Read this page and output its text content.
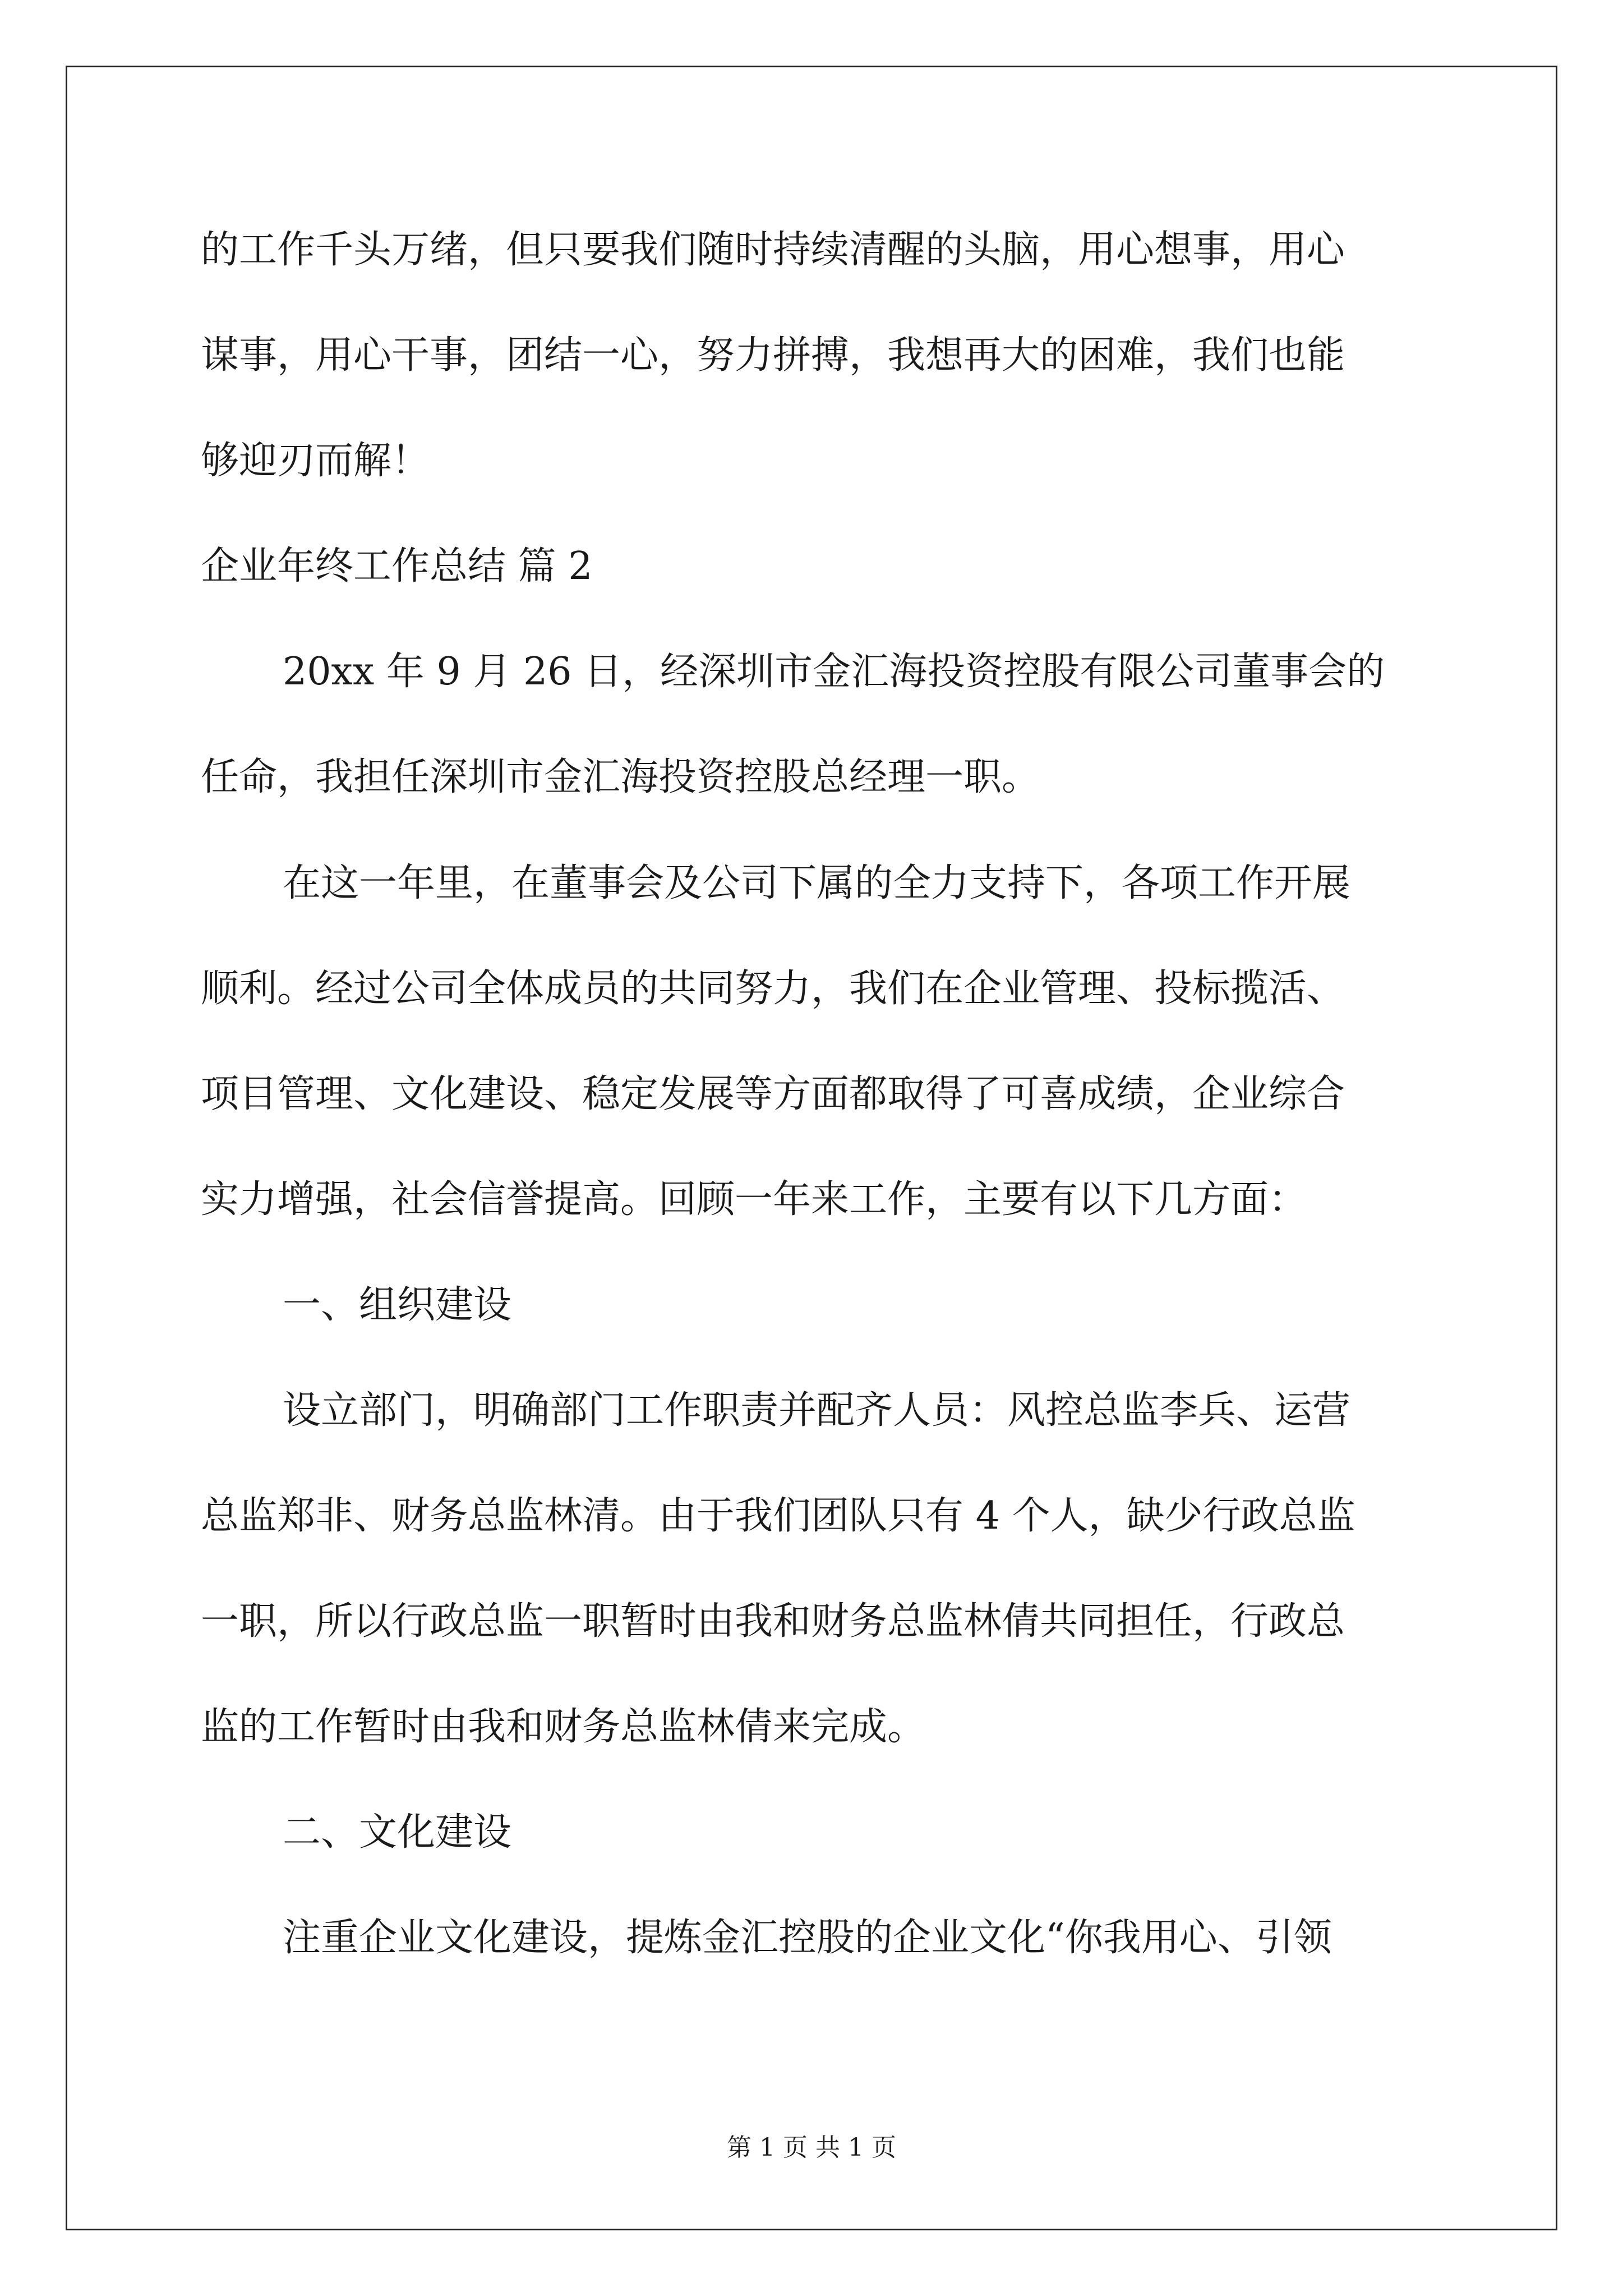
的工作千头万绪，但只要我们随时持续清醒的头脑，用心想事，用心

谋事，用心干事，团结一心，努力拼搏，我想再大的困难，我们也能

够迎刃而解！

企业年终工作总结 篇 2

20xx 年 9 月 26 日，经深圳市金汇海投资控股有限公司董事会的

任命，我担任深圳市金汇海投资控股总经理一职。

在这一年里，在董事会及公司下属的全力支持下，各项工作开展

顺利。经过公司全体成员的共同努力，我们在企业管理、投标揽活、

项目管理、文化建设、稳定发展等方面都取得了可喜成绩，企业综合

实力增强，社会信誉提高。回顾一年来工作，主要有以下几方面：

一、组织建设

设立部门，明确部门工作职责并配齐人员：风控总监李兵、运营

总监郑非、财务总监林清。由于我们团队只有 4 个人，缺少行政总监

一职，所以行政总监一职暂时由我和财务总监林倩共同担任，行政总

监的工作暂时由我和财务总监林倩来完成。

二、文化建设

注重企业文化建设，提炼金汇控股的企业文化“你我用心、引领

第 1 页 共 1 页
